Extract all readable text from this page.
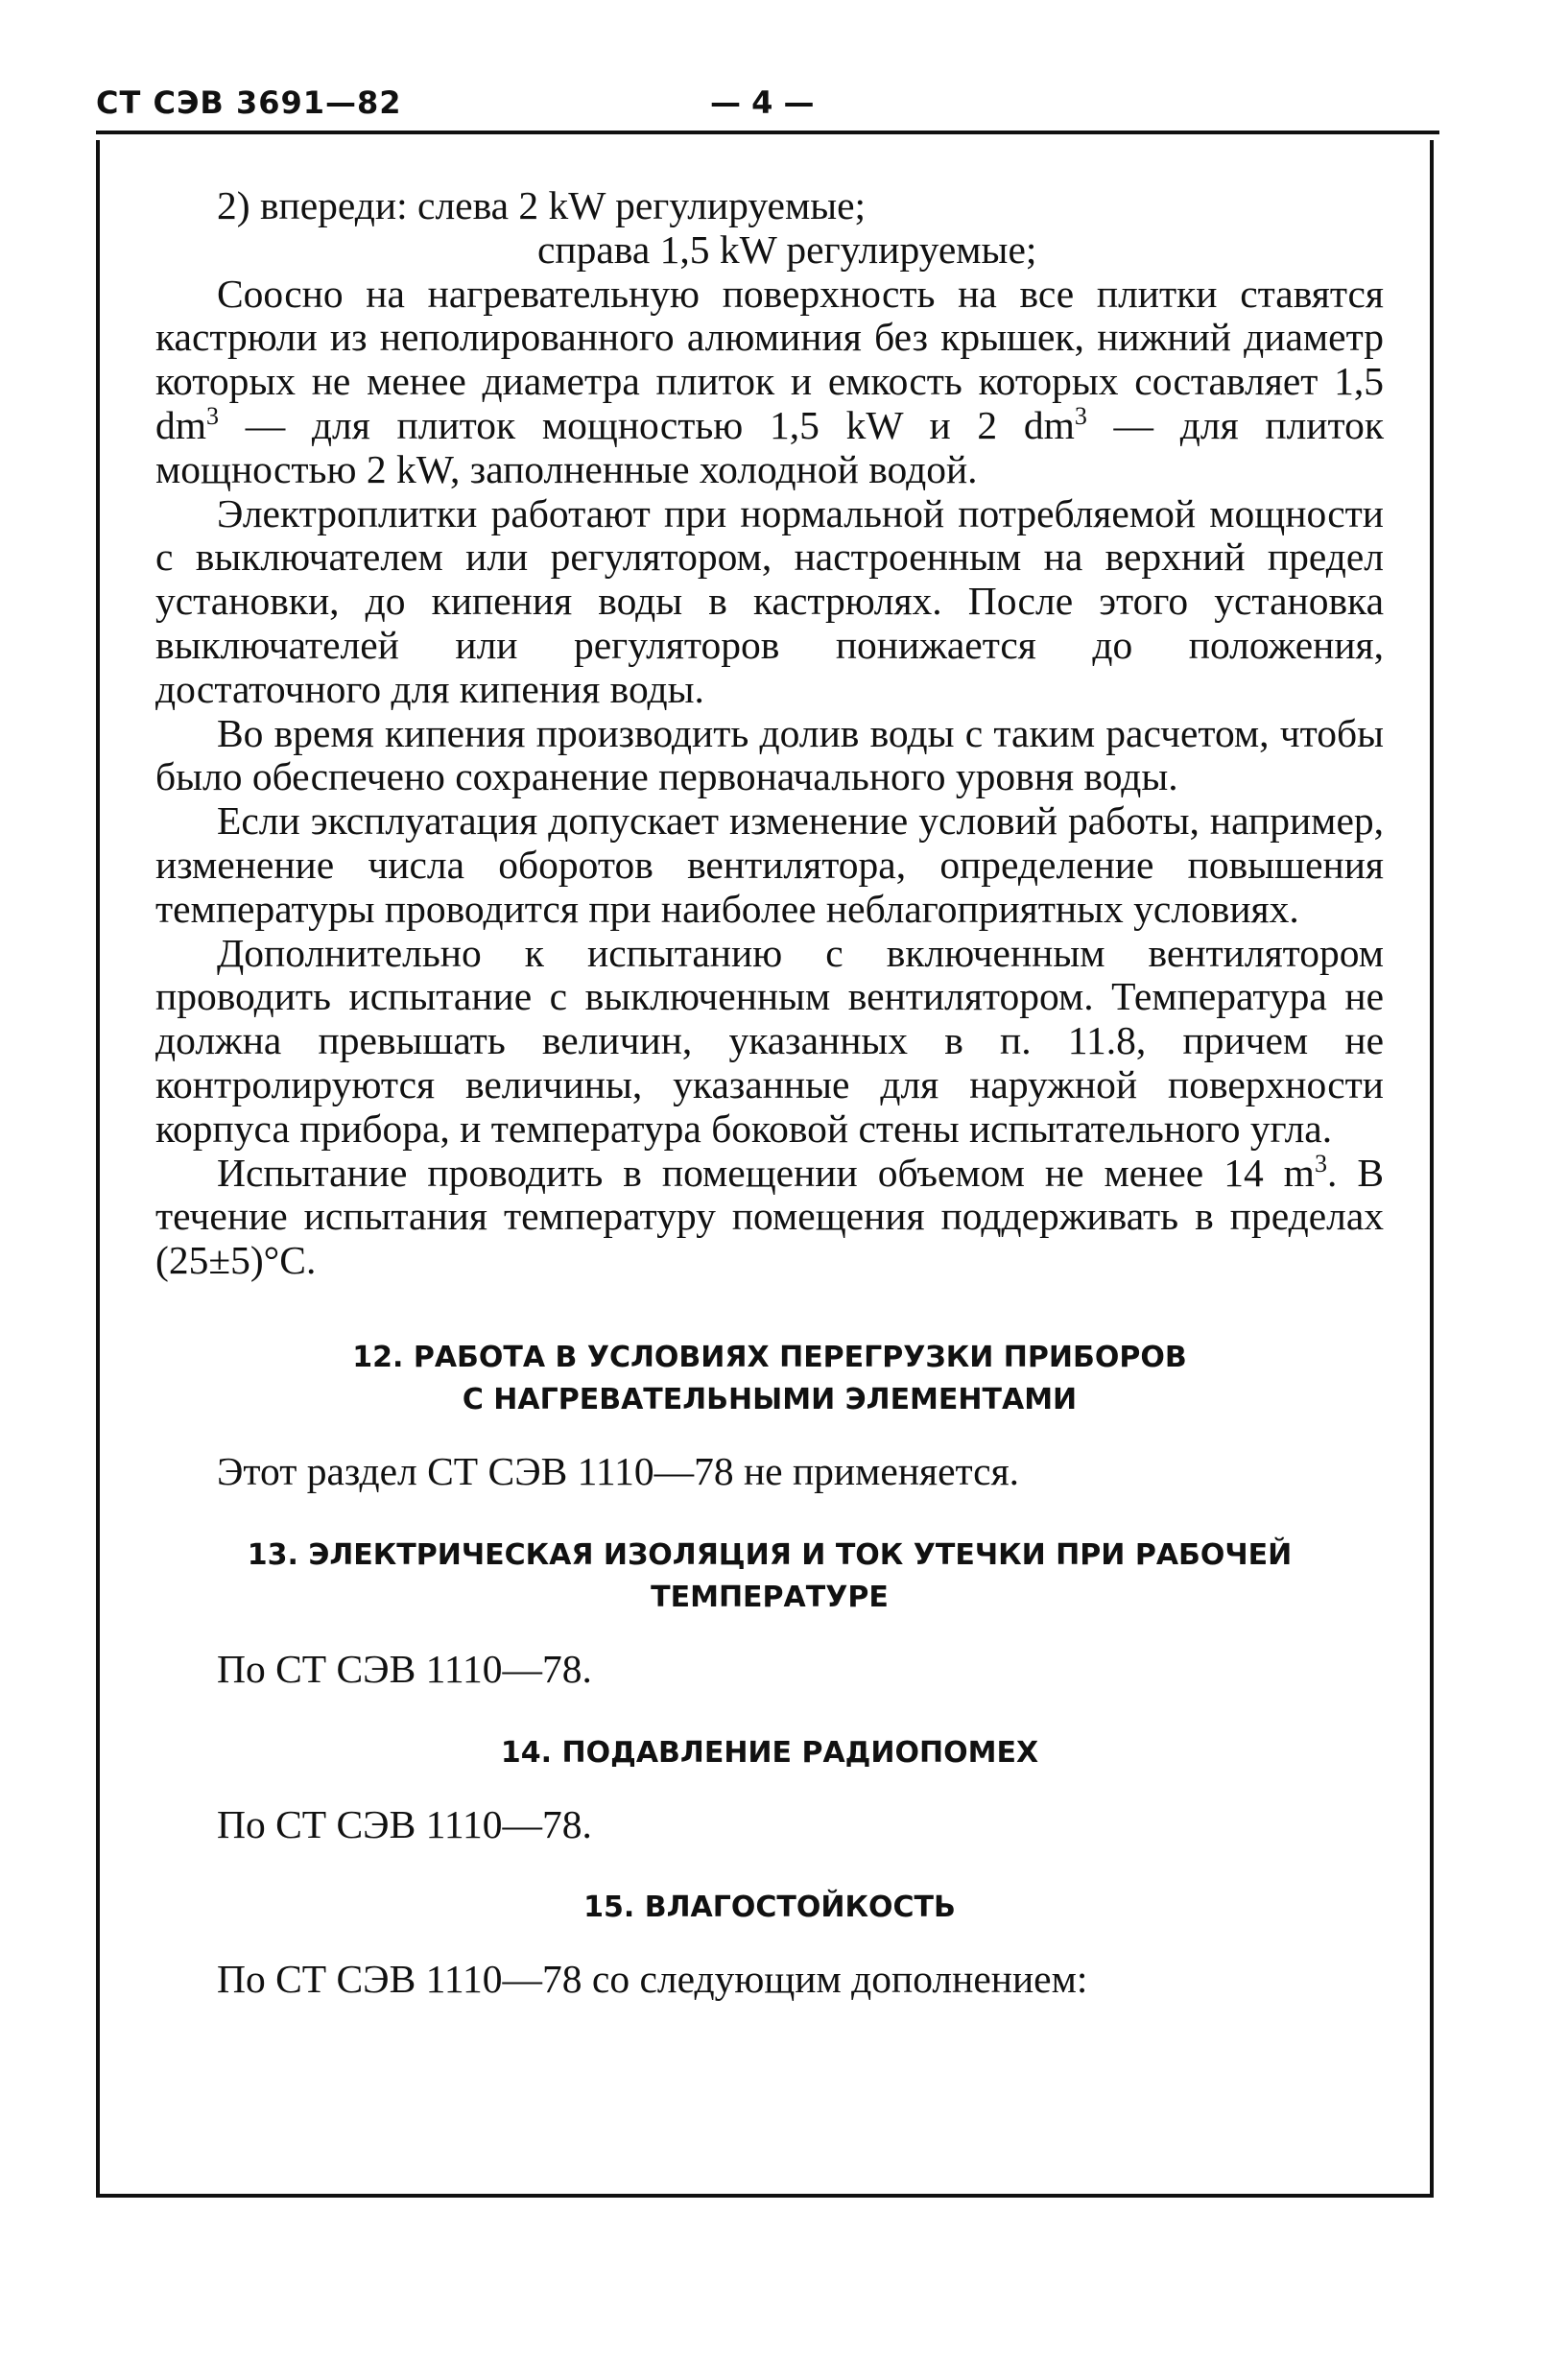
СТ СЭВ 3691—82	— 4 —

2) впереди: слева 2 kW регулируемые;

справа 1,5 kW регулируемые;

Соосно на нагревательную поверхность на все плитки ставятся кастрюли из неполированного алюминия без крышек, нижний диаметр которых не менее диаметра плиток и емкость которых составляет 1,5 $dm^3$ — для плиток мощностью 1,5 kW и 2 $dm^3$ — для плиток мощностью 2 kW, заполненные холодной водой.

Электроплитки работают при нормальной потребляемой мощности с выключателем или регулятором, настроенным на верхний предел установки, до кипения воды в кастрюлях. После этого установка выключателей или регуляторов понижается до положения, достаточного для кипения воды.

Во время кипения производить долив воды с таким расчетом, чтобы было обеспечено сохранение первоначального уровня воды.

Если эксплуатация допускает изменение условий работы, например, изменение числа оборотов вентилятора, определение повышения температуры проводится при наиболее неблагоприятных условиях.

Дополнительно к испытанию с включенным вентилятором проводить испытание с выключенным вентилятором. Температура не должна превышать величин, указанных в п. 11.8, причем не контролируются величины, указанные для наружной поверхности корпуса прибора, и температура боковой стены испытательного угла.

Испытание проводить в помещении объемом не менее 14 $m^3$. В течение испытания температуру помещения поддерживать в пределах (25±5)°C.

12. РАБОТА В УСЛОВИЯХ ПЕРЕГРУЗКИ ПРИБОРОВ
С НАГРЕВАТЕЛЬНЫМИ ЭЛЕМЕНТАМИ

Этот раздел СТ СЭВ 1110—78 не применяется.

13. ЭЛЕКТРИЧЕСКАЯ ИЗОЛЯЦИЯ И ТОК УТЕЧКИ ПРИ РАБОЧЕЙ
ТЕМПЕРАТУРЕ

По СТ СЭВ 1110—78.

14. ПОДАВЛЕНИЕ РАДИОПОМЕХ

По СТ СЭВ 1110—78.

15. ВЛАГОСТОЙКОСТЬ

По СТ СЭВ 1110—78 со следующим дополнением:
